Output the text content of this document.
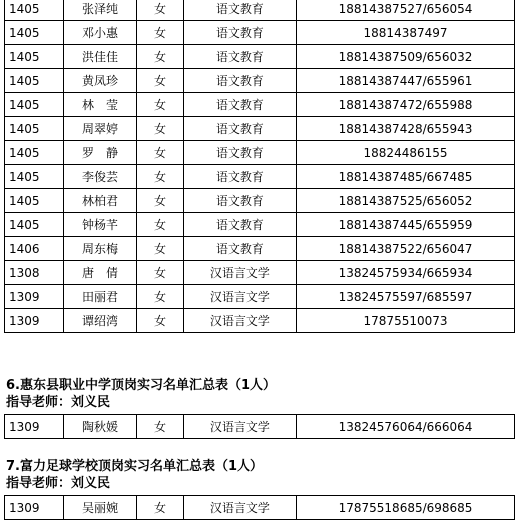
1405	张泽纯	女	语文教育	18814387527/656054
1405	邓小惠	女	语文教育	18814387497
1405	洪佳佳	女	语文教育	18814387509/656032
1405	黄凤珍	女	语文教育	18814387447/655961
1405	林　莹	女	语文教育	18814387472/655988
1405	周翠婷	女	语文教育	18814387428/655943
1405	罗　静	女	语文教育	18824486155
1405	李俊芸	女	语文教育	18814387485/667485
1405	林柏君	女	语文教育	18814387525/656052
1405	钟杨芊	女	语文教育	18814387445/655959
1406	周东梅	女	语文教育	18814387522/656047
1308	唐　倩	女	汉语言文学	13824575934/665934
1309	田丽君	女	汉语言文学	13824575597/685597
1309	谭绍湾	女	汉语言文学	17875510073
6.惠东县职业中学顶岗实习名单汇总表（1人）
指导老师：刘义民
1309	陶秋媛	女	汉语言文学	13824576064/666064
7.富力足球学校顶岗实习名单汇总表（1人）
指导老师：刘义民
1309	吴丽婉	女	汉语言文学	17875518685/698685
